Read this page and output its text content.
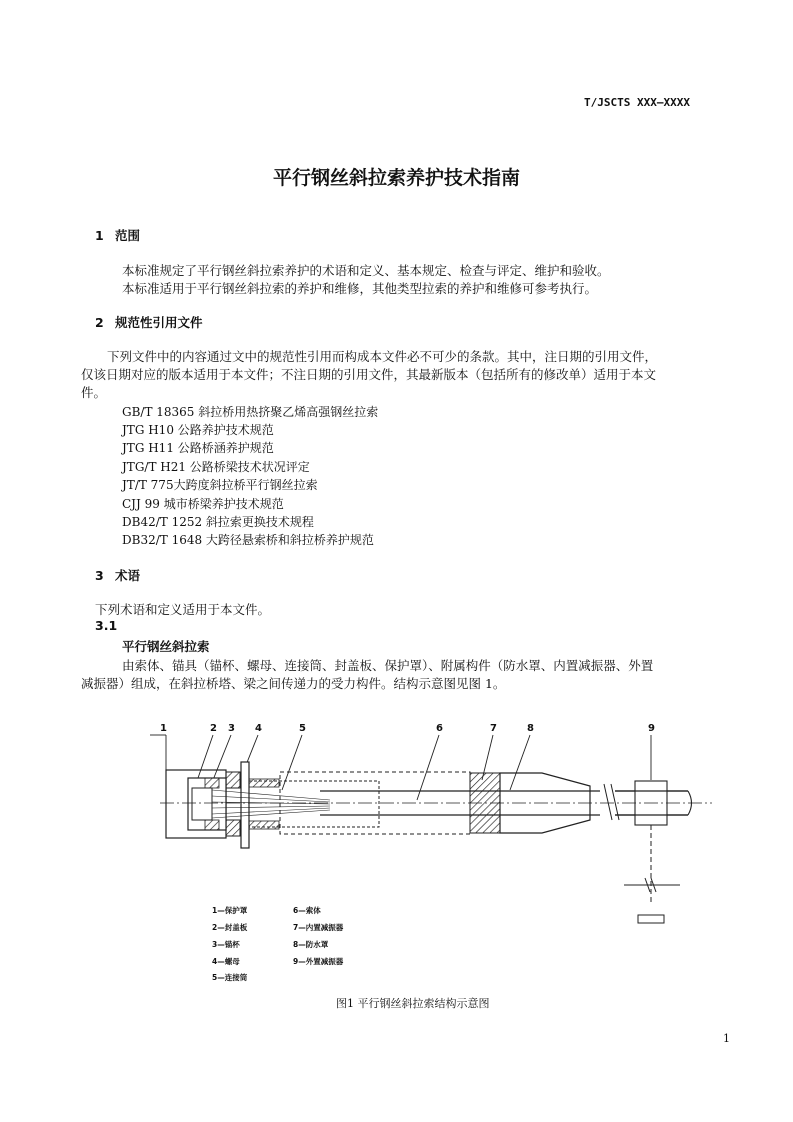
T/JSCTS XXX—XXXX
平行钢丝斜拉索养护技术指南
1 范围
本标准规定了平行钢丝斜拉索养护的术语和定义、基本规定、检查与评定、维护和验收。
本标准适用于平行钢丝斜拉索的养护和维修，其他类型拉索的养护和维修可参考执行。
2 规范性引用文件
下列文件中的内容通过文中的规范性引用而构成本文件必不可少的条款。其中，注日期的引用文件，
仅该日期对应的版本适用于本文件；不注日期的引用文件，其最新版本（包括所有的修改单）适用于本文
件。
GB/T 18365 斜拉桥用热挤聚乙烯高强钢丝拉索
JTG H10 公路养护技术规范
JTG H11 公路桥涵养护规范
JTG/T H21 公路桥梁技术状况评定
JT/T 775大跨度斜拉桥平行钢丝拉索
CJJ 99 城市桥梁养护技术规范
DB42/T 1252 斜拉索更换技术规程
DB32/T 1648 大跨径悬索桥和斜拉桥养护规范
3 术语
下列术语和定义适用于本文件。
3.1
平行钢丝斜拉索
由索体、锚具（锚杯、螺母、连接筒、封盖板、保护罩）、附属构件（防水罩、内置减振器、外置
减振器）组成，在斜拉桥塔、梁之间传递力的受力构件。结构示意图见图 1。
1	2 3 4	5	6	7	8	9
1—保护罩
2—封盖板
3—锚杯
4—螺母
5—连接筒
6—索体
7—内置减振器
8—防水罩
9—外置减振器
图1 平行钢丝斜拉索结构示意图
1
